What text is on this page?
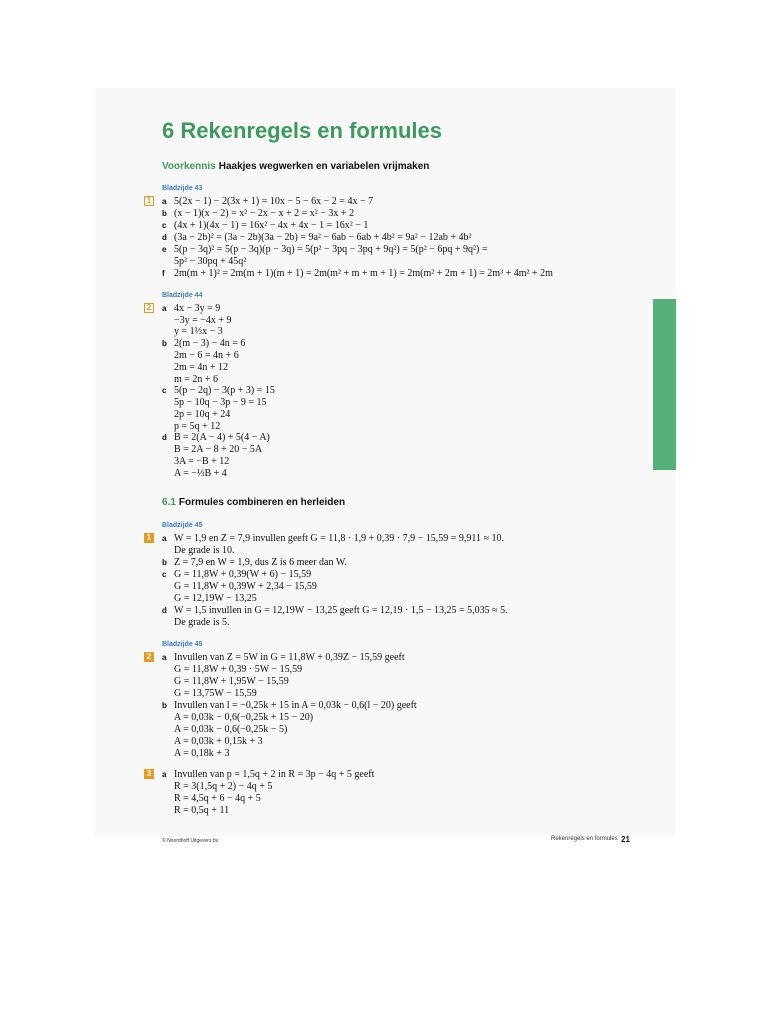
6 Rekenregels en formules
Voorkennis Haakjes wegwerken en variabelen vrijmaken
6.1 Formules combineren en herleiden
Bladzijde 43
Bladzijde 44
Bladzijde 45
Bladzijde 45
1
2
1
2
3
a
b
c
d
e
f
a
b
c
d
a
b
c
d
a
b
a
5(2x − 1) − 2(3x + 1) = 10x − 5 − 6x − 2 = 4x − 7
(x − 1)(x − 2) = x² − 2x − x + 2 = x² − 3x + 2
(4x + 1)(4x − 1) = 16x² − 4x + 4x − 1 = 16x² − 1
(3a − 2b)² = (3a − 2b)(3a − 2b) = 9a² − 6ab − 6ab + 4b² = 9a² − 12ab + 4b²
5(p − 3q)² = 5(p − 3q)(p − 3q) = 5(p² − 3pq − 3pq + 9q²) = 5(p² − 6pq + 9q²) =
5p² − 30pq + 45q²
2m(m + 1)² = 2m(m + 1)(m + 1) = 2m(m² + m + m + 1) = 2m(m² + 2m + 1) = 2m³ + 4m² + 2m
4x − 3y = 9
−3y = −4x + 9
y = 1⅓x − 3
2(m − 3) − 4n = 6
2m − 6 = 4n + 6
2m = 4n + 12
m = 2n + 6
5(p − 2q) − 3(p + 3) = 15
5p − 10q − 3p − 9 = 15
2p = 10q + 24
p = 5q + 12
B = 2(A − 4) + 5(4 − A)
B = 2A − 8 + 20 − 5A
3A = −B + 12
A = −⅓B + 4
W = 1,9 en Z = 7,9 invullen geeft G = 11,8 · 1,9 + 0,39 · 7,9 − 15,59 = 9,911 ≈ 10.
De grade is 10.
Z = 7,9 en W = 1,9, dus Z is 6 meer dan W.
G = 11,8W + 0,39(W + 6) − 15,59
G = 11,8W + 0,39W + 2,34 − 15,59
G = 12,19W − 13,25
W = 1,5 invullen in G = 12,19W − 13,25 geeft G = 12,19 · 1,5 − 13,25 = 5,035 ≈ 5.
De grade is 5.
Invullen van Z = 5W in G = 11,8W + 0,39Z − 15,59 geeft
G = 11,8W + 0,39 · 5W − 15,59
G = 11,8W + 1,95W − 15,59
G = 13,75W − 15,59
Invullen van l = −0,25k + 15 in A = 0,03k − 0,6(l − 20) geeft
A = 0,03k − 0,6(−0,25k + 15 − 20)
A = 0,03k − 0,6(−0,25k − 5)
A = 0,03k + 0,15k + 3
A = 0,18k + 3
Invullen van p = 1,5q + 2 in R = 3p − 4q + 5 geeft
R = 3(1,5q + 2) − 4q + 5
R = 4,5q + 6 − 4q + 5
R = 0,5q + 11
© Noordhoff Uitgevers bv	Rekenregels en formules 21
